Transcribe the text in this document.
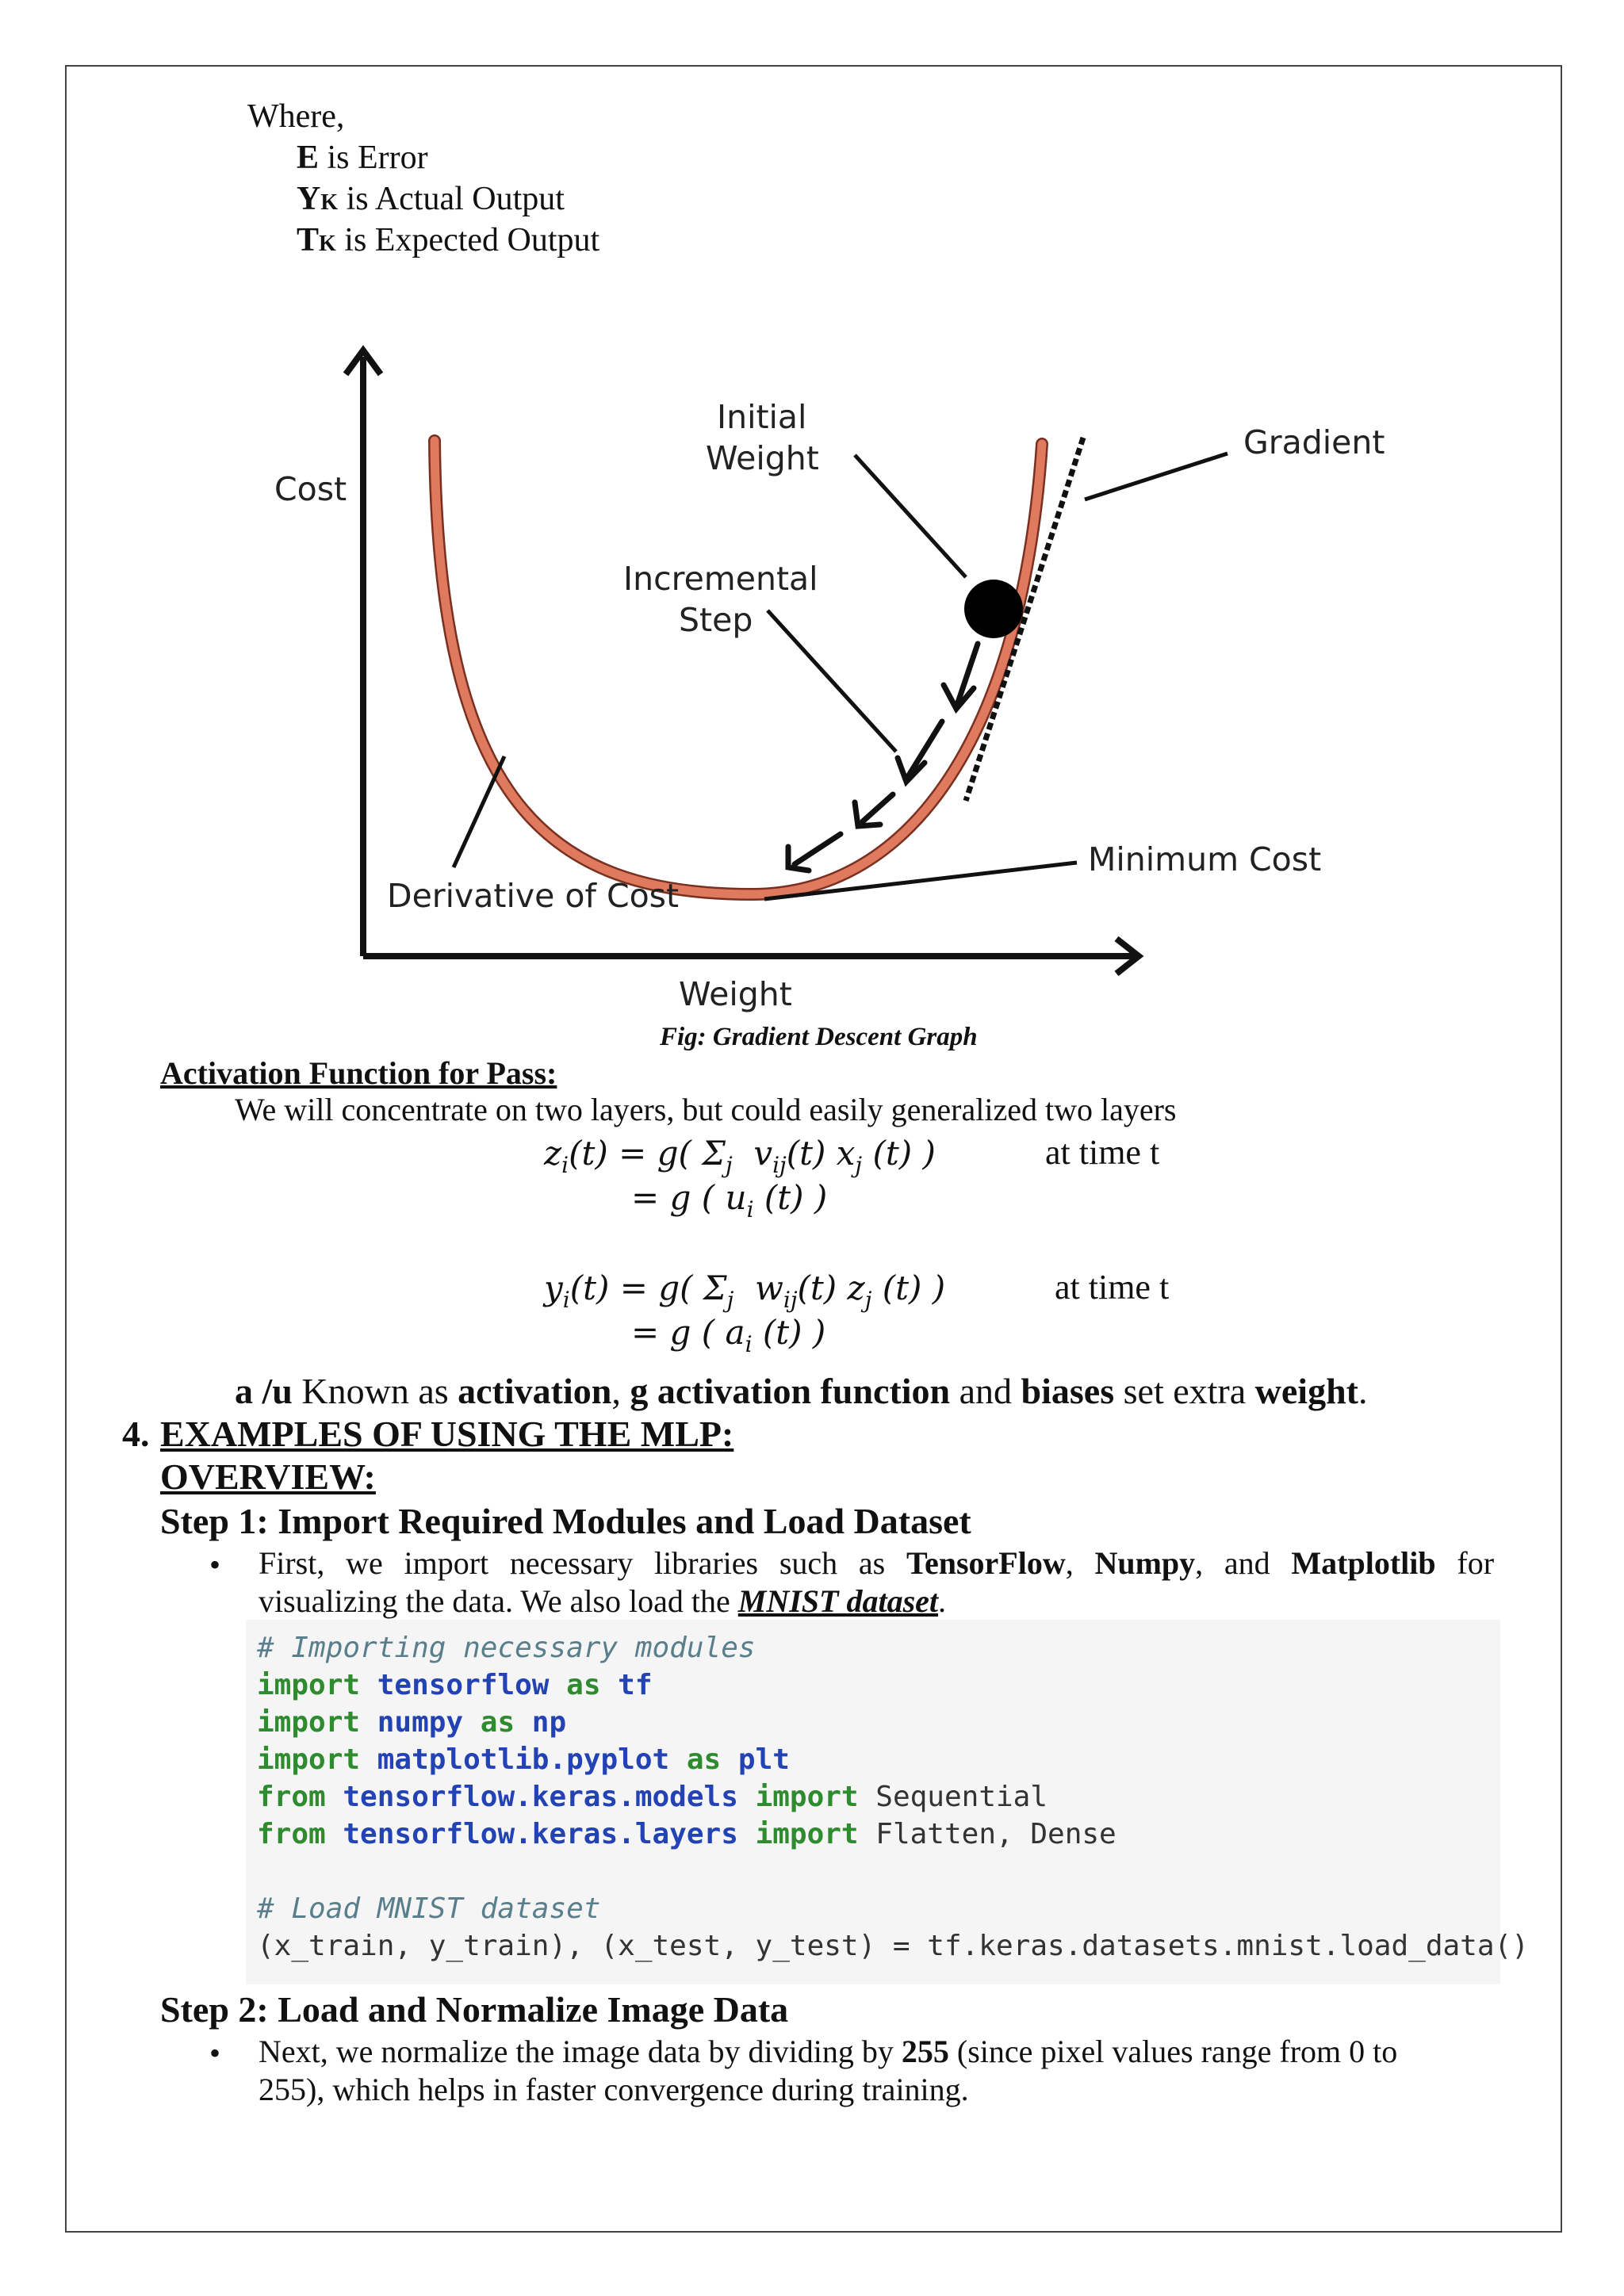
Where,
E is Error
YK is Actual Output
TK is Expected Output
Cost
Initial
Weight	Gradient
Incremental
Step
Derivative of Cost
Minimum Cost
Weight
Fig: Gradient Descent Graph
Activation Function for Pass:
We will concentrate on two layers, but could easily generalized two layers
$z_i(t) = g$( $\Sigma_j$ $v_{ij}(t)$ $x_j$ (t) )	at time t
= g ( $u_i$ (t) )
$y_i(t) = g$( $\Sigma_j$ $w_{ij}(t)$ $z_j$ (t) )	at time t
= g ( $a_i$ (t) )
a /u Known as activation, g activation function and biases set extra weight.
4. EXAMPLES OF USING THE MLP:
OVERVIEW:
Step 1: Import Required Modules and Load Dataset
• First, we import necessary libraries such as TensorFlow, Numpy, and Matplotlib for visualizing the data. We also load the MNIST dataset.
# Importing necessary modules
import tensorflow as tf
import numpy as np
import matplotlib.pyplot as plt
from tensorflow.keras.models import Sequential
from tensorflow.keras.layers import Flatten, Dense
# Load MNIST dataset
(x_train, y_train), (x_test, y_test) = tf.keras.datasets.mnist.load_data()
Step 2: Load and Normalize Image Data
• Next, we normalize the image data by dividing by 255 (since pixel values range from 0 to
255), which helps in faster convergence during training.
